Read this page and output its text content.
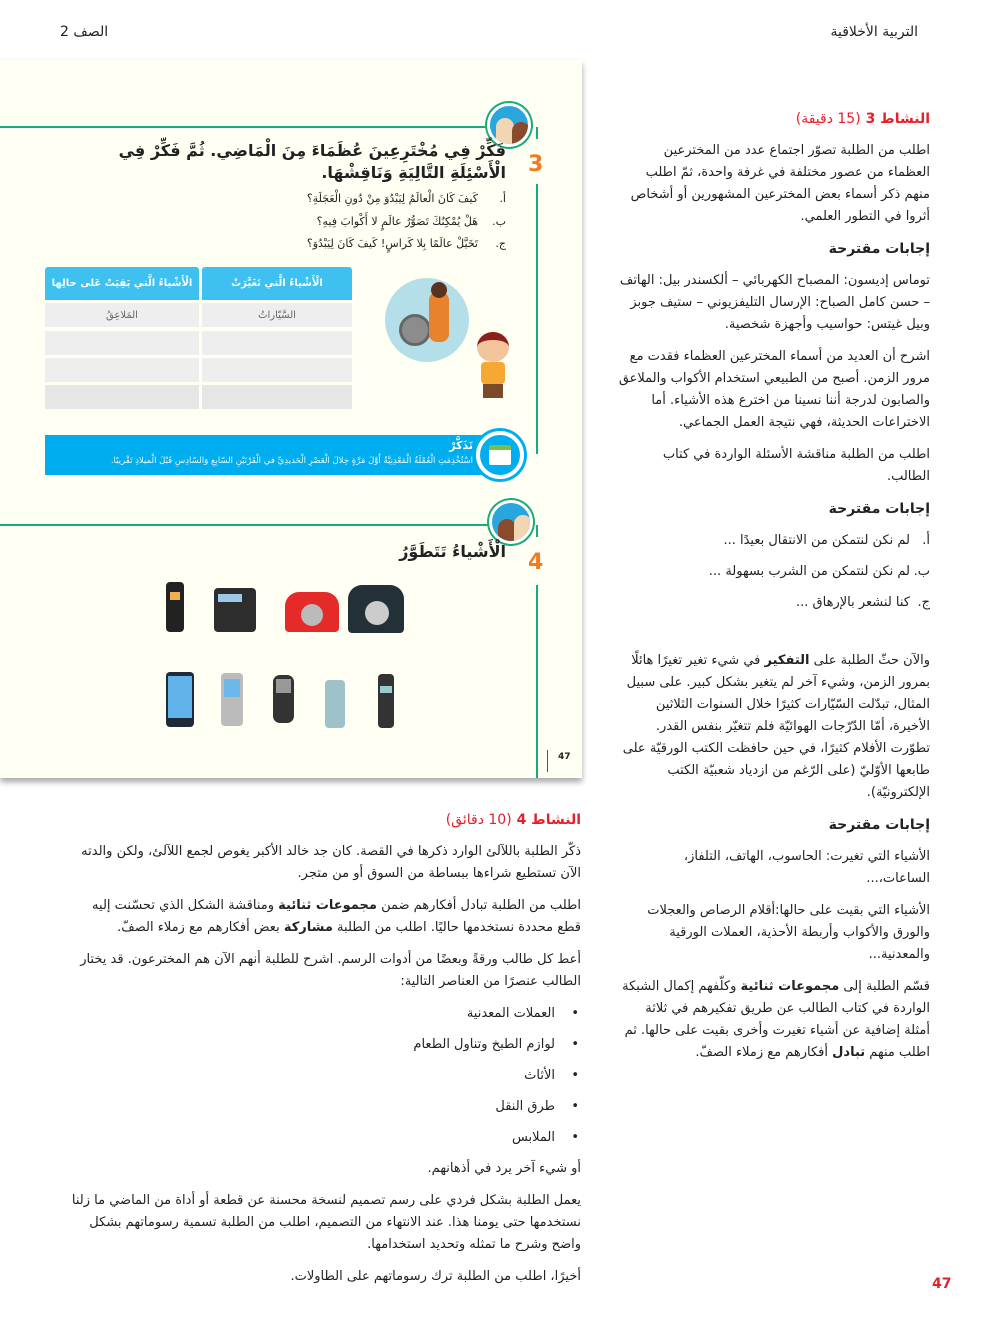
التربية الأخلاقية
الصف 2
3
فَكِّرْ فِي مُخْتَرِعِينَ عُظَمَاءَ مِنَ الْمَاضِي. ثُمَّ فَكِّرْ فِي الْأَسْئِلَةِ التَّالِيَةِ وَنَاقِشْهَا.
أ.كَيفَ كَانَ الْعالَمُ لِيَبْدُوَ مِنْ دُونِ الْعَجَلَةِ؟
ب.هَلْ يُمْكِنُكَ تَصَوُّرُ عالَمٍ لا أَكْوابَ فِيهِ؟
ج.تَخَيَّلْ عالَمًا بِلا كَراسٍ! كَيفَ كَانَ لِيَبْدُوَ؟
الْأَشْياءُ الَّتي تَغَيَّرَتْ
الْأَشْياءُ الَّتي بَقِيَتْ عَلى حالِها
السَّيّاراتُ
المَلاعِقُ
تَذَكَّرْ
اسْتُخْدِمَتِ الْعُمْلَةُ الْمَعْدِنِيَّةُ أَوَّلَ مَرَّةٍ خِلالَ الْعَصْرِ الْحَديدِيِّ في الْقَرْنَيْنِ السّابِعِ وَالسّادِسِ قَبْلَ الْميلادِ تَقْريبًا.
4
الْأَشْياءُ تَتَطَوَّرُ
47
النشاط 3 (15 دقيقة)

اطلب من الطلبة تصوّر اجتماع عدد من المخترعين العظماء من عصور مختلفة في غرفة واحدة، ثمّ اطلب منهم ذكر أسماء بعض المخترعين المشهورين أو أشخاص أثروا في التطور العلمي.

إجابات مقترحة

توماس إديسون: المصباح الكهربائي – ألكسندر بيل: الهاتف – حسن كامل الصباح: الإرسال التليفزيوني – ستيف جوبز وبيل غيتس: حواسيب وأجهزة شخصية.

اشرح أن العديد من أسماء المخترعين العظماء فقدت مع مرور الزمن. أصبح من الطبيعي استخدام الأكواب والملاعق والصابون لدرجة أننا نسينا من اخترع هذه الأشياء. أما الاختراعات الحديثة، فهي نتيجة العمل الجماعي.

اطلب من الطلبة مناقشة الأسئلة الواردة في كتاب الطالب.

إجابات مقترحة
أ.لم نكن لنتمكن من الانتقال بعيدًا ...
ب.لم نكن لنتمكن من الشرب بسهولة ...
ج.كنا لنشعر بالإرهاق ...

والآن حثّ الطلبة على التفكير في شيء تغير تغيرًا هائلًا بمرور الزمن، وشيء آخر لم يتغير بشكل كبير. على سبيل المثال، تبدّلت السّيّارات كثيرًا خلال السنوات الثلاثين الأخيرة، أمّا الدّرّجات الهوائيّة فلم تتغيّر بنفس القدر. تطوّرت الأفلام كثيرًا، في حين حافظت الكتب الورقيّة على طابعها الأوّليّ (على الرّغم من ازدياد شعبيّة الكتب الإلكترونيّة).

إجابات مقترحة

الأشياء التي تغيرت: الحاسوب، الهاتف، التلفاز، الساعات،...

الأشياء التي بقيت على حالها:أقلام الرصاص والعجلات والورق والأكواب وأربطة الأحذية، العملات الورقية والمعدنية...

قسّم الطلبة إلى مجموعات ثنائية وكلّفهم إكمال الشبكة الواردة في كتاب الطالب عن طريق تفكيرهم في ثلاثة أمثلة إضافية عن أشياء تغيرت وأخرى بقيت على حالها. ثم اطلب منهم تبادل أفكارهم مع زملاء الصفّ.

النشاط 4 (10 دقائق)

ذكّر الطلبة باللآلئ الوارد ذكرها في القصة. كان جد خالد الأكبر يغوص لجمع اللآلئ، ولكن والدته الآن تستطيع شراءها ببساطة من السوق أو من متجر.

اطلب من الطلبة تبادل أفكارهم ضمن مجموعات ثنائية ومناقشة الشكل الذي تحسّنت إليه قطع محددة نستخدمها حاليًا. اطلب من الطلبة مشاركة بعض أفكارهم مع زملاء الصفّ.

أعط كل طالب ورقةً وبعضًا من أدوات الرسم. اشرح للطلبة أنهم الآن هم المخترعون. قد يختار الطالب عنصرًا من العناصر التالية:

• العملات المعدنية
• لوازم الطبخ وتناول الطعام
• الأثاث
• طرق النقل
• الملابس

أو شيء آخر يرد في أذهانهم.

يعمل الطلبة بشكل فردي على رسم تصميم لنسخة محسنة عن قطعة أو أداة من الماضي ما زلنا نستخدمها حتى يومنا هذا. عند الانتهاء من التصميم، اطلب من الطلبة تسمية رسوماتهم بشكل واضح وشرح ما تمثله وتحديد استخدامها.

أخيرًا، اطلب من الطلبة ترك رسوماتهم على الطاولات.	47
